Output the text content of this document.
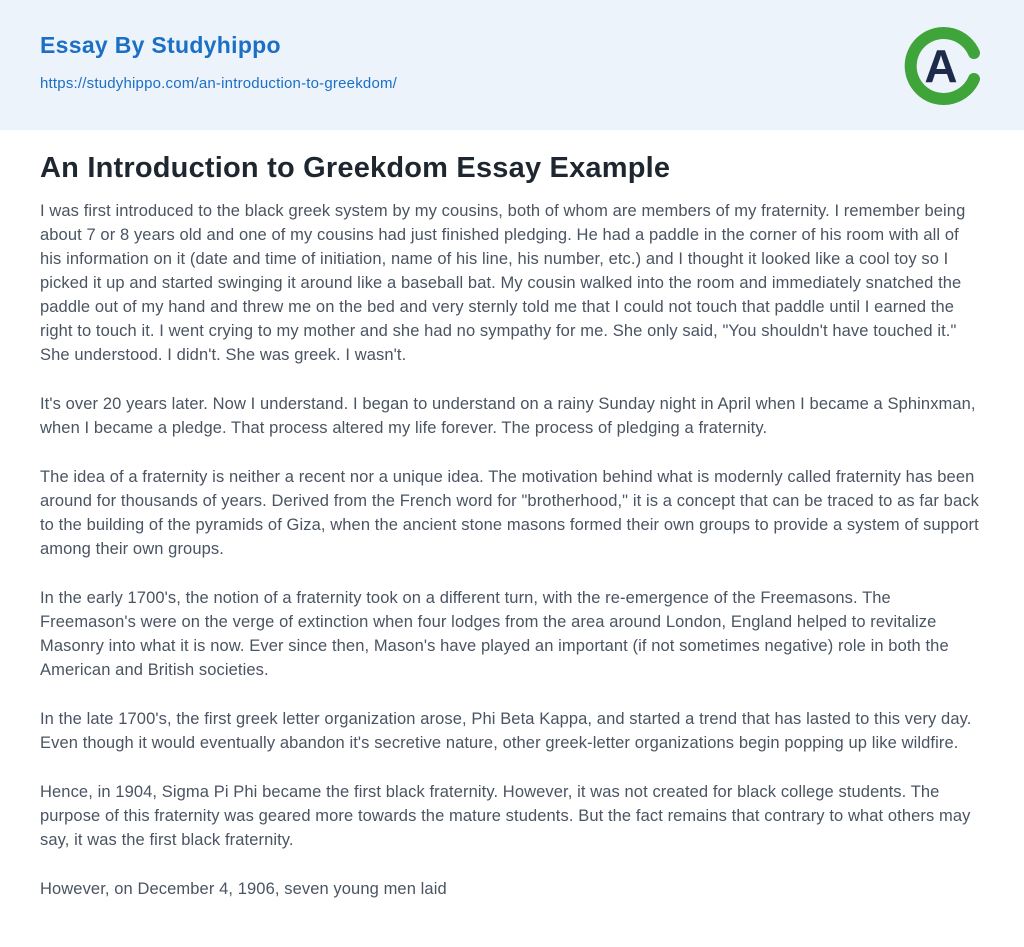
Essay By Studyhippo
https://studyhippo.com/an-introduction-to-greekdom/	A
An Introduction to Greekdom Essay Example

I was first introduced to the black greek system by my cousins, both of whom are members of my fraternity. I remember being about 7 or 8 years old and one of my cousins had just finished pledging. He had a paddle in the corner of his room with all of his information on it (date and time of initiation, name of his line, his number, etc.) and I thought it looked like a cool toy so I picked it up and started swinging it around like a baseball bat. My cousin walked into the room and immediately snatched the paddle out of my hand and threw me on the bed and very sternly told me that I could not touch that paddle until I earned the right to touch it. I went crying to my mother and she had no sympathy for me. She only said, "You shouldn't have touched it." She understood. I didn't. She was greek. I wasn't.

It's over 20 years later. Now I understand. I began to understand on a rainy Sunday night in April when I became a Sphinxman, when I became a pledge. That process altered my life forever. The process of pledging a fraternity.

The idea of a fraternity is neither a recent nor a unique idea. The motivation behind what is modernly called fraternity has been around for thousands of years. Derived from the French word for "brotherhood," it is a concept that can be traced to as far back to the building of the pyramids of Giza, when the ancient stone masons formed their own groups to provide a system of support among their own groups.

In the early 1700's, the notion of a fraternity took on a different turn, with the re-emergence of the Freemasons. The Freemason's were on the verge of extinction when four lodges from the area around London, England helped to revitalize Masonry into what it is now. Ever since then, Mason's have played an important (if not sometimes negative) role in both the American and British societies.

In the late 1700's, the first greek letter organization arose, Phi Beta Kappa, and started a trend that has lasted to this very day. Even though it would eventually abandon it's secretive nature, other greek-letter organizations begin popping up like wildfire.

Hence, in 1904, Sigma Pi Phi became the first black fraternity. However, it was not created for black college students. The purpose of this fraternity was geared more towards the mature students. But the fact remains that contrary to what others may say, it was the first black fraternity.

However, on December 4, 1906, seven young men laid
